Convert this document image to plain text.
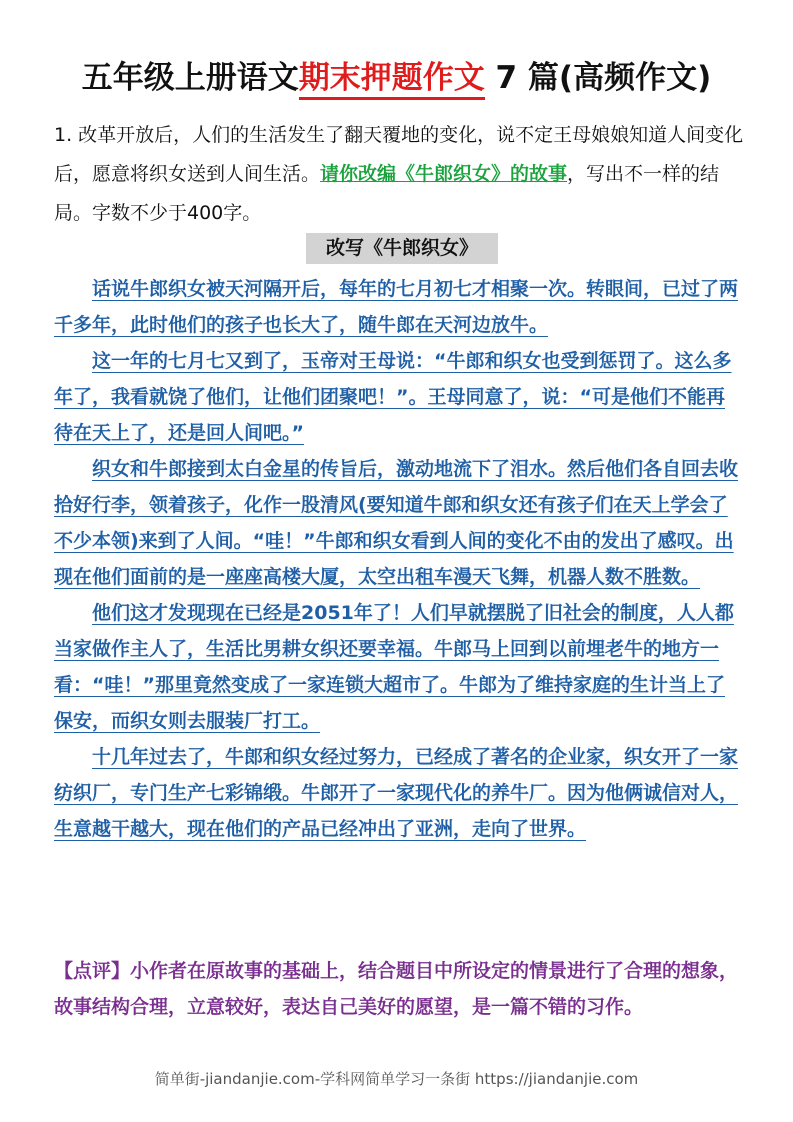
五年级上册语文期末押题作文 7 篇(高频作文)
1. 改革开放后，人们的生活发生了翻天覆地的变化，说不定王母娘娘知道人间变化后，愿意将织女送到人间生活。请你改编《牛郎织女》的故事，写出不一样的结局。字数不少于400字。
改写《牛郎织女》

话说牛郎织女被天河隔开后，每年的七月初七才相聚一次。转眼间，已过了两千多年，此时他们的孩子也长大了，随牛郎在天河边放牛。

这一年的七月七又到了，玉帝对王母说：“牛郎和织女也受到惩罚了。这么多年了，我看就饶了他们，让他们团聚吧！”。王母同意了，说：“可是他们不能再待在天上了，还是回人间吧。”

织女和牛郎接到太白金星的传旨后，激动地流下了泪水。然后他们各自回去收拾好行李，领着孩子，化作一股清风(要知道牛郎和织女还有孩子们在天上学会了不少本领)来到了人间。“哇！”牛郎和织女看到人间的变化不由的发出了感叹。出现在他们面前的是一座座高楼大厦，太空出租车漫天飞舞，机器人数不胜数。

他们这才发现现在已经是2051年了！人们早就摆脱了旧社会的制度，人人都当家做作主人了，生活比男耕女织还要幸福。牛郎马上回到以前埋老牛的地方一看：“哇！”那里竟然变成了一家连锁大超市了。牛郎为了维持家庭的生计当上了保安，而织女则去服装厂打工。

十几年过去了，牛郎和织女经过努力，已经成了著名的企业家，织女开了一家纺织厂，专门生产七彩锦缎。牛郎开了一家现代化的养牛厂。因为他俩诚信对人，生意越干越大，现在他们的产品已经冲出了亚洲，走向了世界。

【点评】小作者在原故事的基础上，结合题目中所设定的情景进行了合理的想象，故事结构合理，立意较好，表达自己美好的愿望，是一篇不错的习作。
简单街-jiandanjie.com-学科网简单学习一条街 https://jiandanjie.com
